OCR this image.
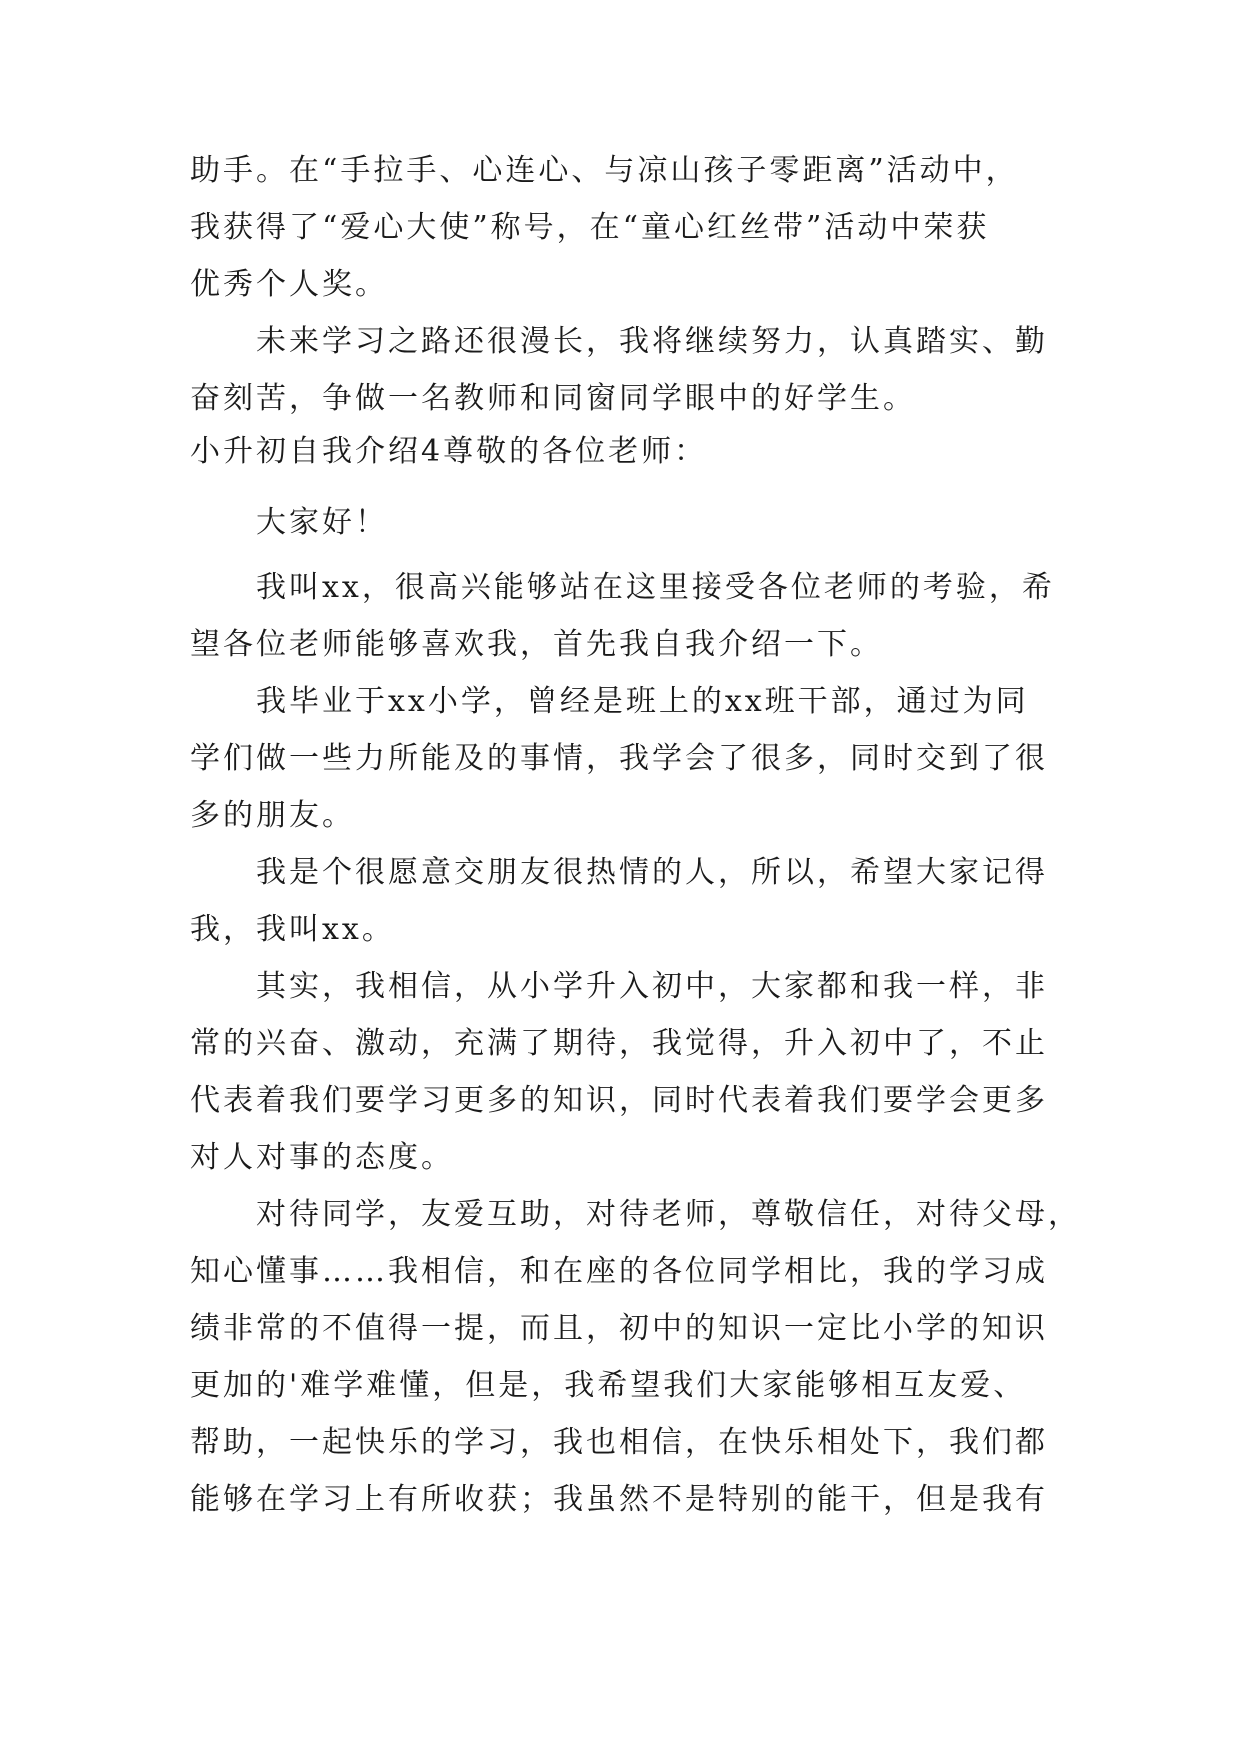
助手。在“手拉手、心连心、与凉山孩子零距离”活动中，

我获得了“爱心大使”称号，在“童心红丝带”活动中荣获

优秀个人奖。

未来学习之路还很漫长，我将继续努力，认真踏实、勤

奋刻苦，争做一名教师和同窗同学眼中的好学生。

小升初自我介绍4尊敬的各位老师：

大家好！

我叫xx，很高兴能够站在这里接受各位老师的考验，希

望各位老师能够喜欢我，首先我自我介绍一下。

我毕业于xx小学，曾经是班上的xx班干部，通过为同

学们做一些力所能及的事情，我学会了很多，同时交到了很

多的朋友。

我是个很愿意交朋友很热情的人，所以，希望大家记得

我，我叫xx。

其实，我相信，从小学升入初中，大家都和我一样，非

常的兴奋、激动，充满了期待，我觉得，升入初中了，不止

代表着我们要学习更多的知识，同时代表着我们要学会更多

对人对事的态度。

对待同学，友爱互助，对待老师，尊敬信任，对待父母，

知心懂事……我相信，和在座的各位同学相比，我的学习成

绩非常的不值得一提，而且，初中的知识一定比小学的知识

更加的'难学难懂，但是，我希望我们大家能够相互友爱、

帮助，一起快乐的学习，我也相信，在快乐相处下，我们都

能够在学习上有所收获；我虽然不是特别的能干，但是我有
